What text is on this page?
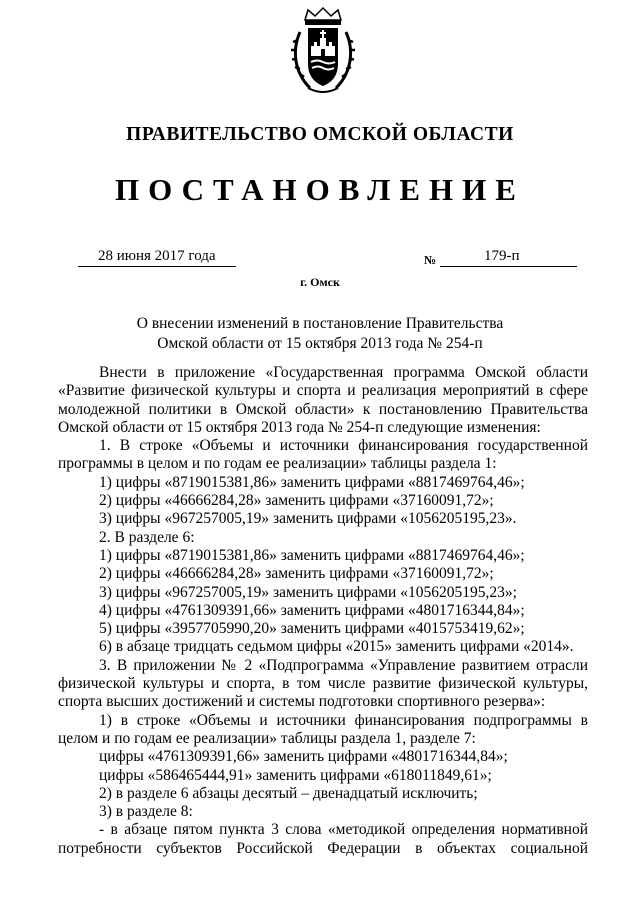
ПРАВИТЕЛЬСТВО ОМСКОЙ ОБЛАСТИ
ПОСТАНОВЛЕНИЕ
28 июня 2017 года	№	179-п
г. Омск
О внесении изменений в постановление Правительства
Омской области от 15 октября 2013 года № 254-п
Внести в приложение «Государственная программа Омской области
«Развитие физической культуры и спорта и реализация мероприятий в сфере
молодежной политики в Омской области» к постановлению Правительства
Омской области от 15 октября 2013 года № 254-п следующие изменения:
1. В строке «Объемы и источники финансирования государственной
программы в целом и по годам ее реализации» таблицы раздела 1:
1) цифры «8719015381,86» заменить цифрами «8817469764,46»;
2) цифры «46666284,28» заменить цифрами «37160091,72»;
3) цифры «967257005,19» заменить цифрами «1056205195,23».
2. В разделе 6:
1) цифры «8719015381,86» заменить цифрами «8817469764,46»;
2) цифры «46666284,28» заменить цифрами «37160091,72»;
3) цифры «967257005,19» заменить цифрами «1056205195,23»;
4) цифры «4761309391,66» заменить цифрами «4801716344,84»;
5) цифры «3957705990,20» заменить цифрами «4015753419,62»;
6) в абзаце тридцать седьмом цифры «2015» заменить цифрами «2014».
3. В приложении № 2 «Подпрограмма «Управление развитием отрасли
физической культуры и спорта, в том числе развитие физической культуры,
спорта высших достижений и системы подготовки спортивного резерва»:
1) в строке «Объемы и источники финансирования подпрограммы в
целом и по годам ее реализации» таблицы раздела 1, разделе 7:
цифры «4761309391,66» заменить цифрами «4801716344,84»;
цифры «586465444,91» заменить цифрами «618011849,61»;
2) в разделе 6 абзацы десятый – двенадцатый исключить;
3) в разделе 8:
- в абзаце пятом пункта 3 слова «методикой определения нормативной
потребности субъектов Российской Федерации в объектах социальной
